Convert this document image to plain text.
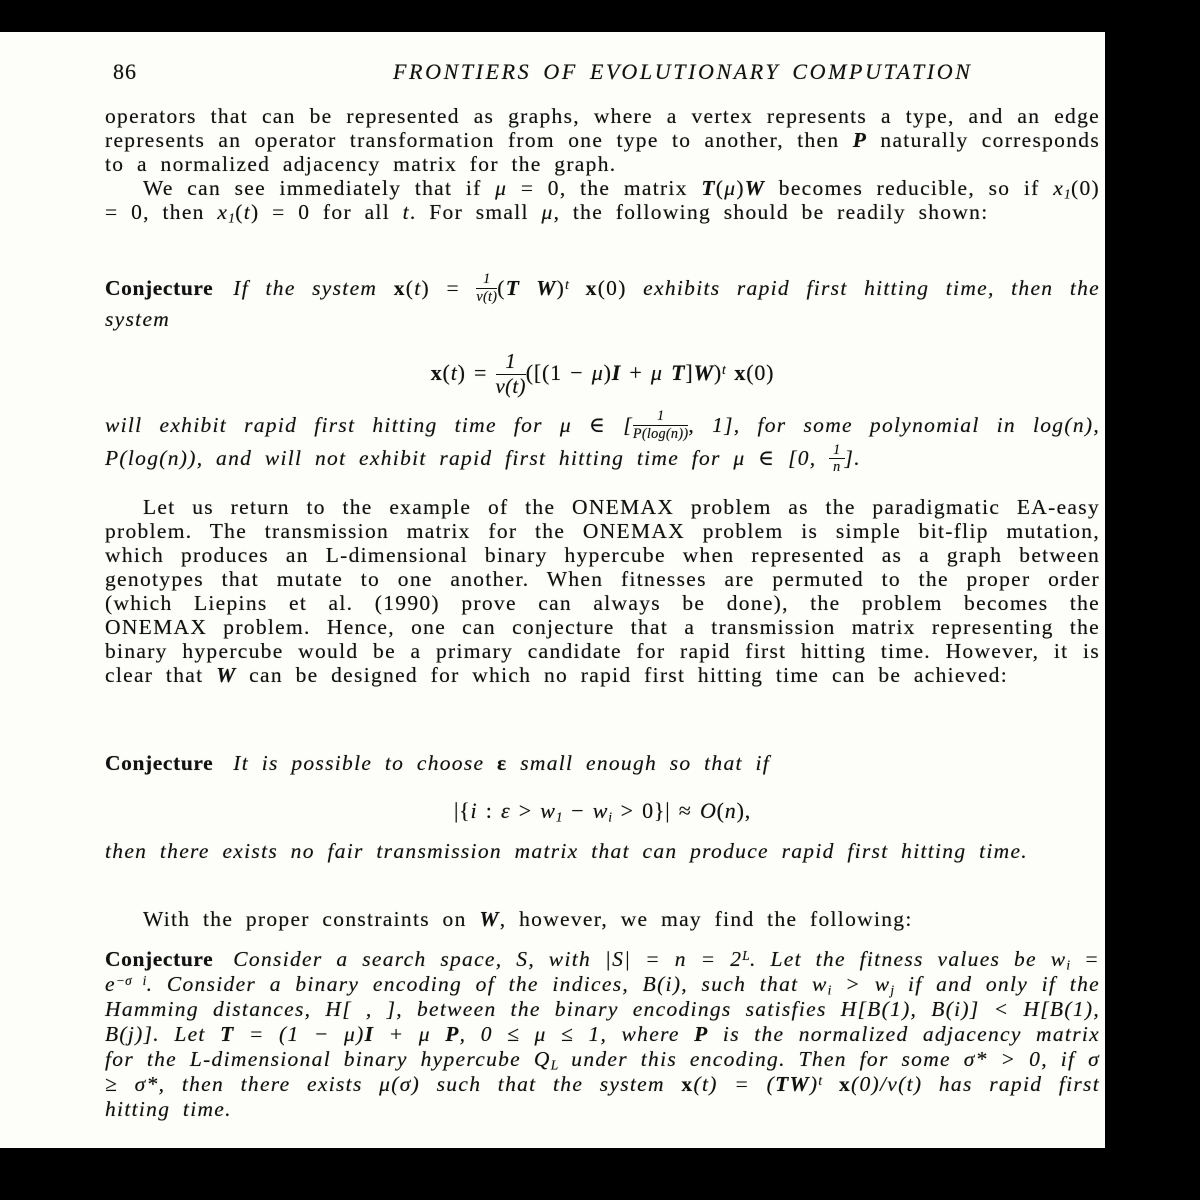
86	FRONTIERS OF EVOLUTIONARY COMPUTATION

operators that can be represented as graphs, where a vertex represents a type, and an edge represents an operator transformation from one type to another, then P naturally corresponds to a normalized adjacency matrix for the graph.

We can see immediately that if μ = 0, the matrix T(μ)W becomes reducible, so if $x_1(0) = 0$, then $x_1(t) = 0$ for all t. For small μ, the following should be readily shown:

Conjecture If the system $x(t) = \frac{1}{\nu(t)} (T$ W)$^t$ x(0) exhibits rapid first hitting time, then the system

$x(t) = \frac{1}{\nu(t)} ([(1 - \mu)I + \mu$ T]W)$^t$ x(0)

will exhibit rapid first hitting time for μ ∈ [ $\frac{1}{P(\log(n))}$ , 1], for some polynomial in log(n), P(log(n)), and will not exhibit rapid first hitting time for μ ∈ [0, $\frac{1}{n}$ ].

Let us return to the example of the ONEMAX problem as the paradigmatic EA-easy problem. The transmission matrix for the ONEMAX problem is simple bit-flip mutation, which produces an L-dimensional binary hypercube when represented as a graph between genotypes that mutate to one another. When fitnesses are permuted to the proper order (which Liepins et al. (1990) prove can always be done), the problem becomes the ONEMAX problem. Hence, one can conjecture that a transmission matrix representing the binary hypercube would be a primary candidate for rapid first hitting time. However, it is clear that W can be designed for which no rapid first hitting time can be achieved:

Conjecture It is possible to choose ε small enough so that if

|{i : $\varepsilon > w_1 - w_i > 0\}| \approx O(n)$,

then there exists no fair transmission matrix that can produce rapid first hitting time.

With the proper constraints on W, however, we may find the following:

Conjecture Consider a search space, S, with $|S| = n = 2^L$. Let the fitness values be $w_i = e^{-\sigma i}$. Consider a binary encoding of the indices, B(i), such that $w_i > w_j$ if and only if the Hamming distances, H[ , ], between the binary encodings satisfies H[B(1), B(i)] < H[B(1), B(j)]. Let T = (1 − μ)I + μ P, 0 ≤ μ ≤ 1, where P is the normalized adjacency matrix for the L-dimensional binary hypercube $Q_L$ under this encoding. Then for some σ* > 0, if σ ≥ σ*, then there exists μ(σ) such that the system x(t) = (TW)$^t$ x(0)/ν(t) has rapid first hitting time.
